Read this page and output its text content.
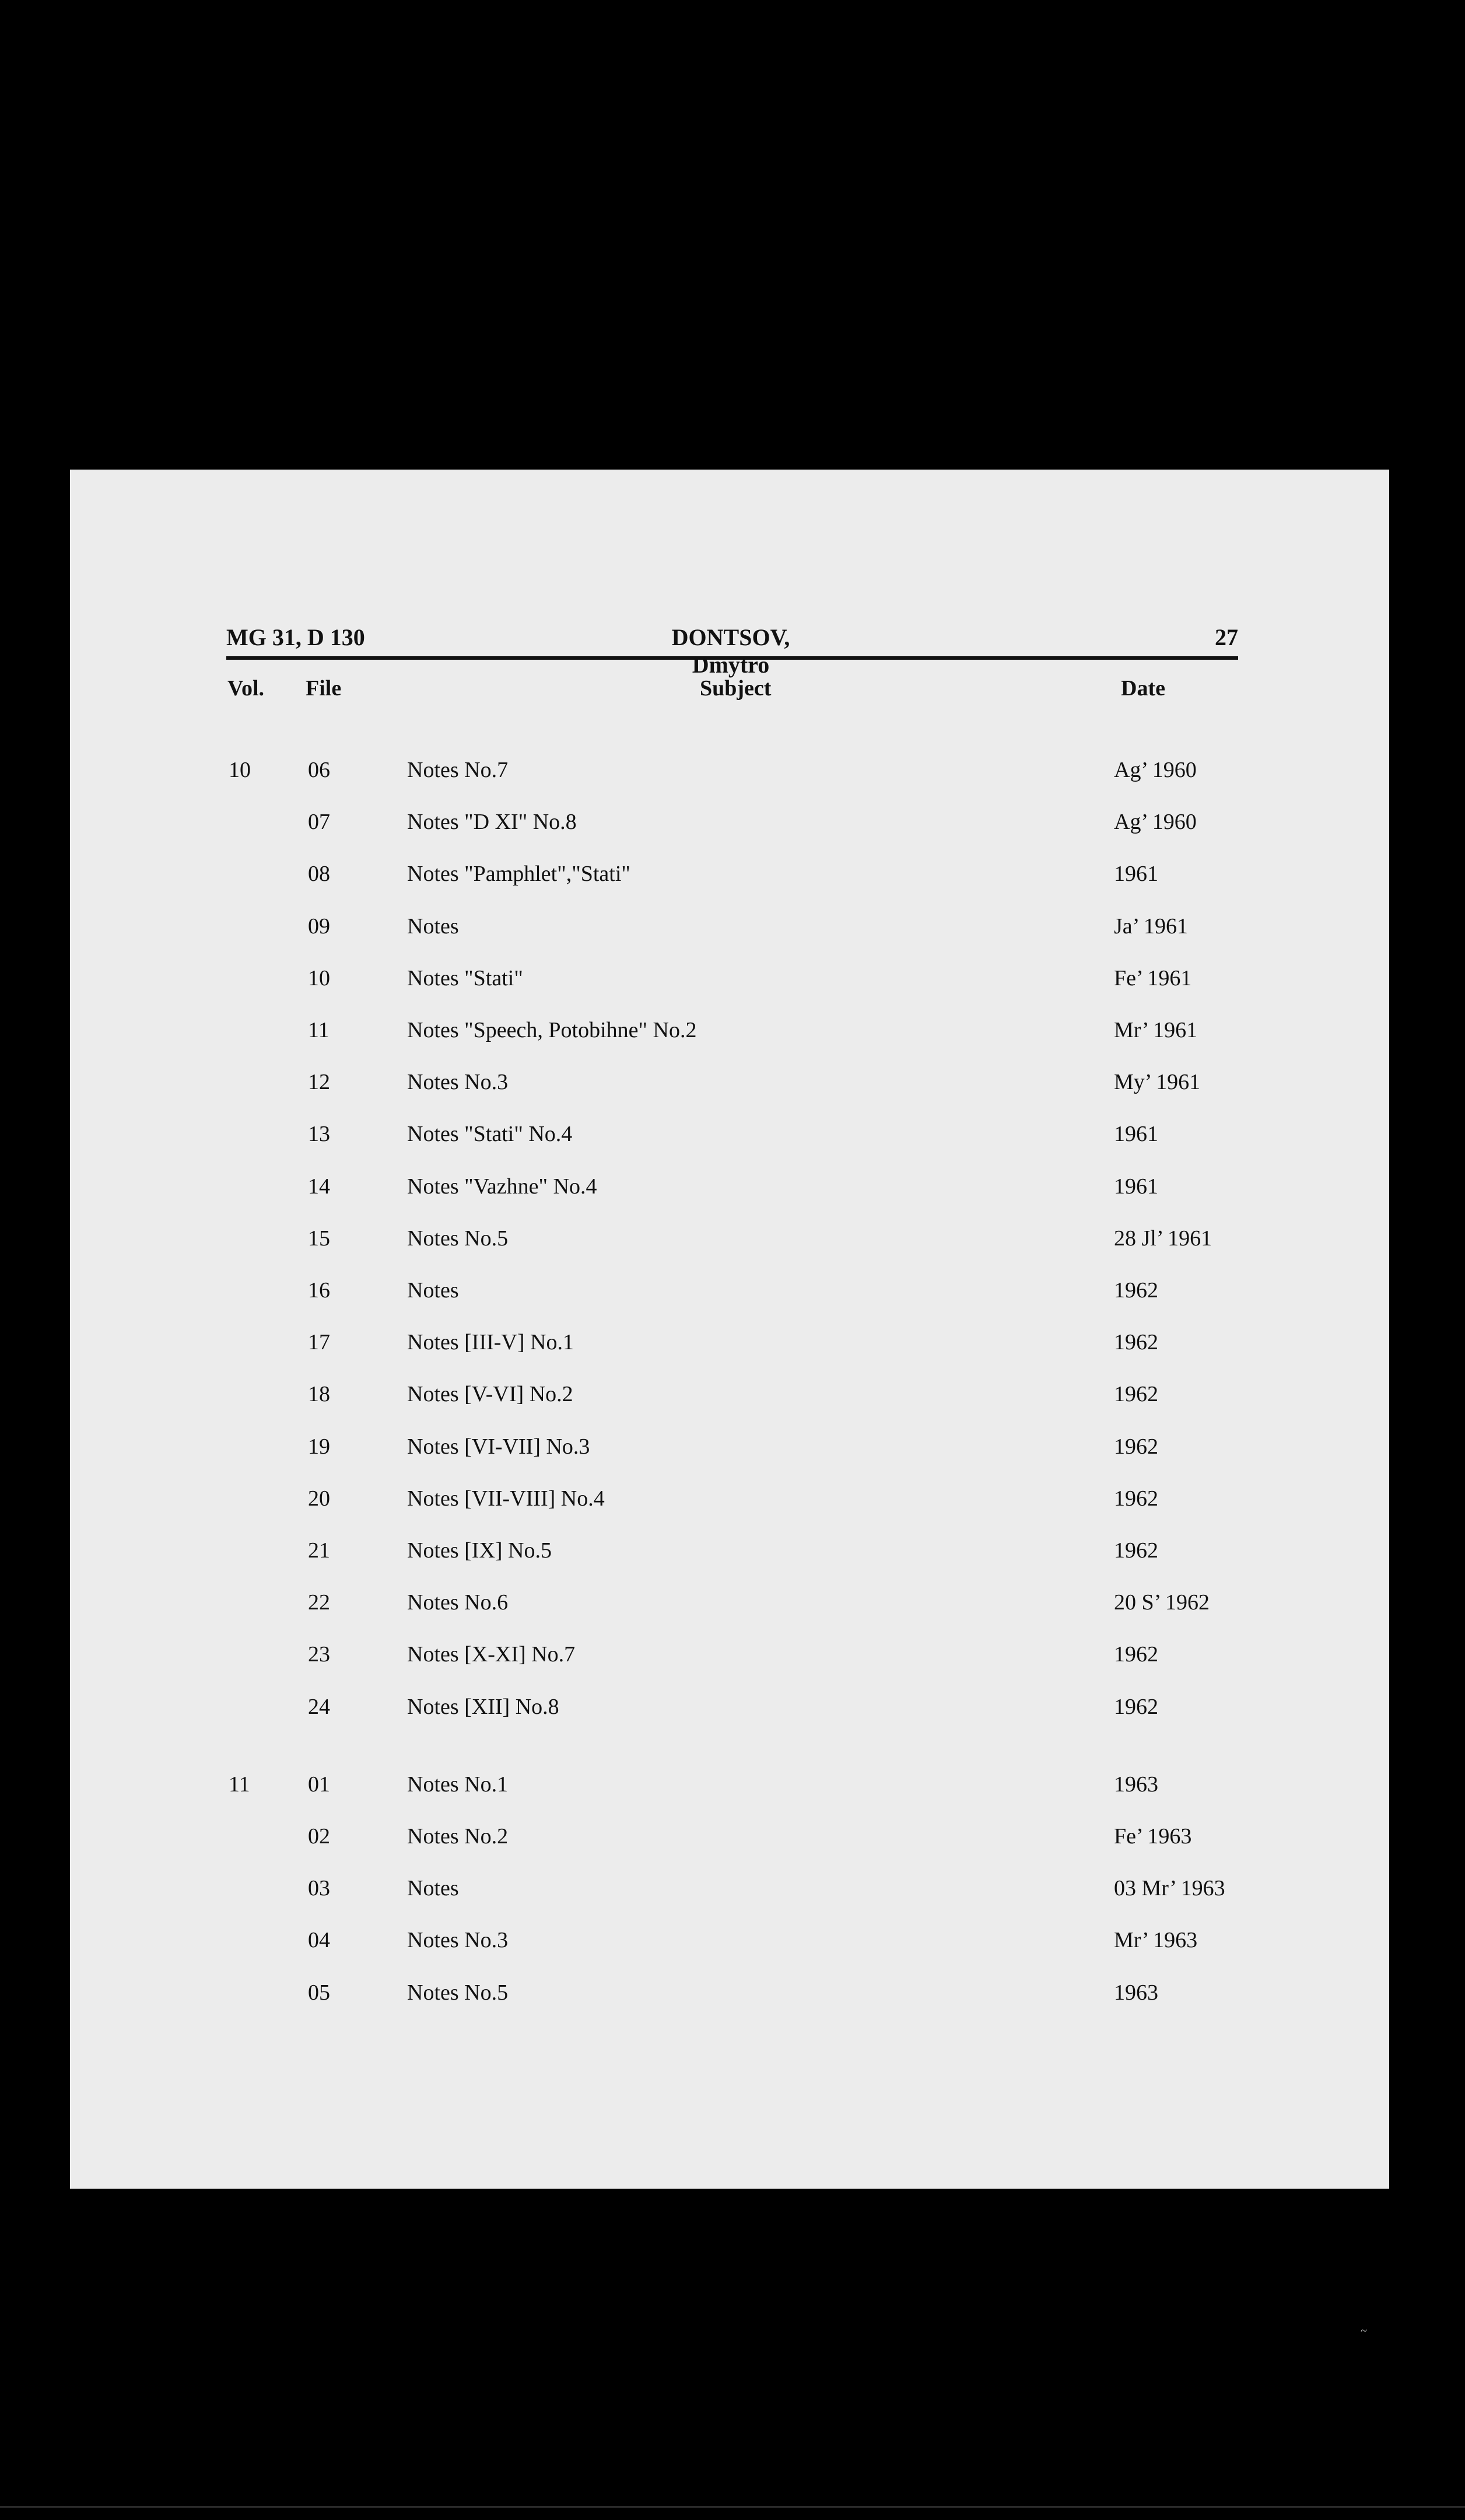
MG 31, D 130	DONTSOV, Dmytro
27
Vol. File	Subject	Date
10	06	Notes No.7	Ag’ 1960
07	Notes "D XI" No.8	Ag’ 1960
08	Notes "Pamphlet","Stati"	1961
09	Notes	Ja’ 1961
10	Notes "Stati"	Fe’ 1961
11	Notes "Speech, Potobihne" No.2	Mr’ 1961
12	Notes No.3	My’ 1961
13	Notes "Stati" No.4	1961
14	Notes "Vazhne" No.4	1961
15	Notes No.5	28 Jl’ 1961
16	Notes	1962
17	Notes [III-V] No.1	1962
18	Notes [V-VI] No.2	1962
19	Notes [VI-VII] No.3	1962
20	Notes [VII-VIII] No.4	1962
21	Notes [IX] No.5	1962
22	Notes No.6	20 S’ 1962
23	Notes [X-XI] No.7	1962
24	Notes [XII] No.8	1962
11	01	Notes No.1	1963
02	Notes No.2	Fe’ 1963
03	Notes	03 Mr’ 1963
04	Notes No.3	Mr’ 1963
05	Notes No.5	1963
~
